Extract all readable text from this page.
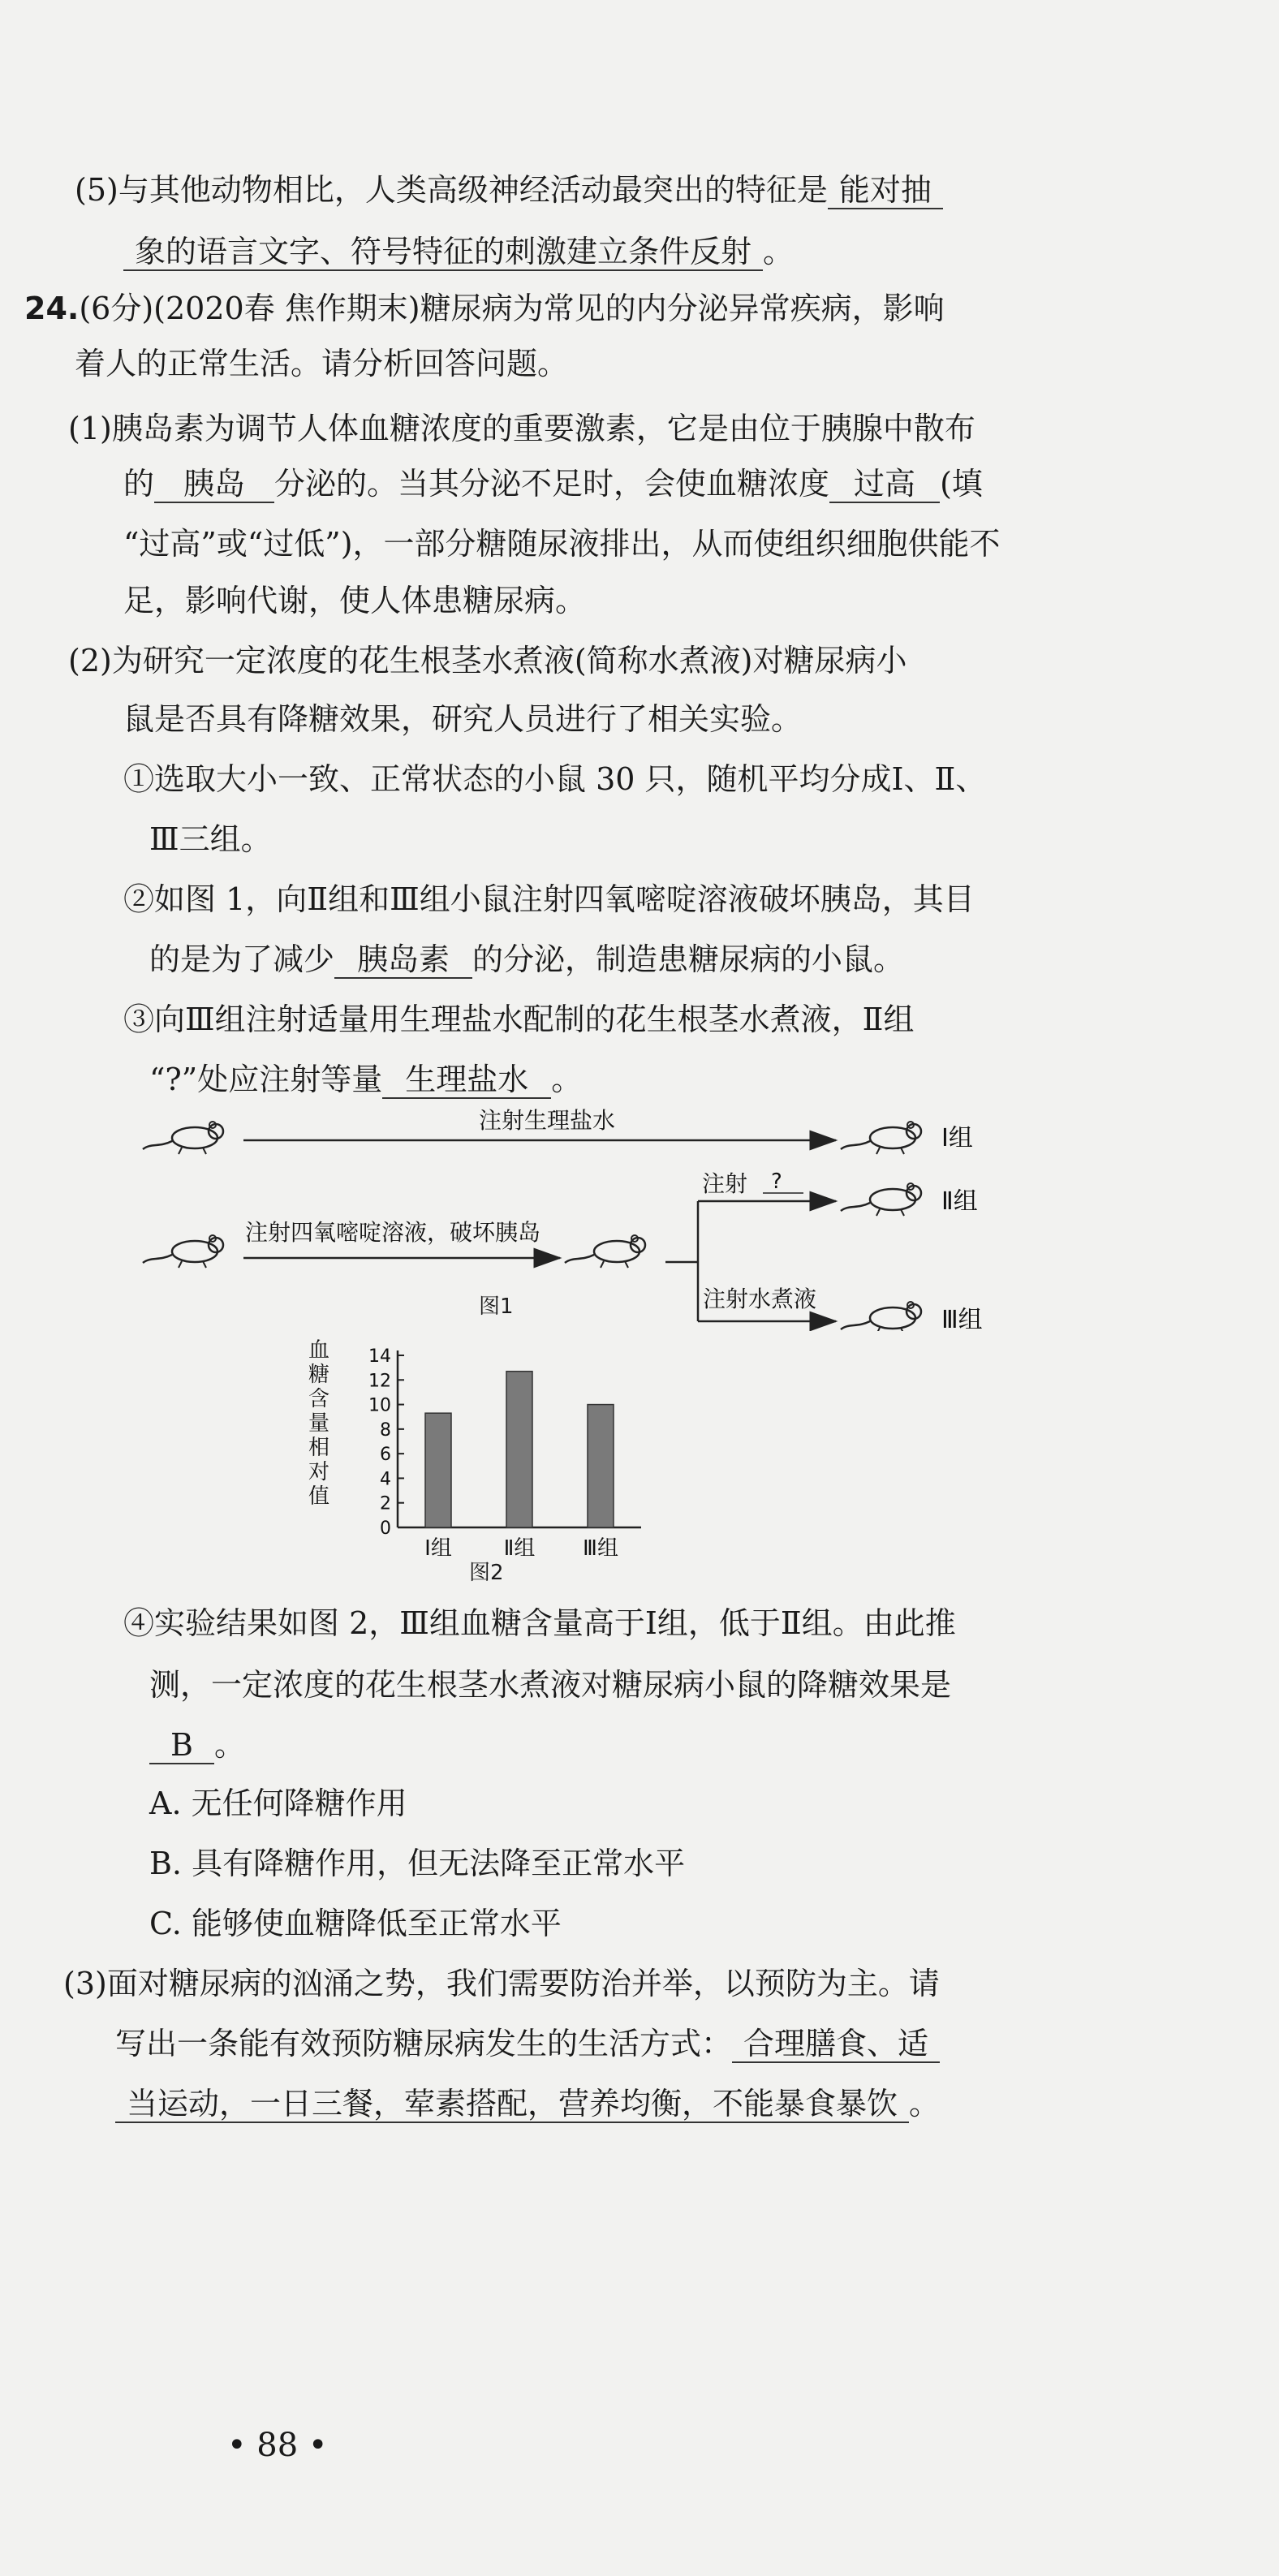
(5)与其他动物相比，人类高级神经活动最突出的特征是 能对抽
象的语言文字、符号特征的刺激建立条件反射 。
24.(6分)(2020春 焦作期末)糖尿病为常见的内分泌异常疾病，影响
着人的正常生活。请分析回答问题。
(1)胰岛素为调节人体血糖浓度的重要激素，它是由位于胰腺中散布
的 胰岛 分泌的。当其分泌不足时，会使血糖浓度 过高 (填
“过高”或“过低”)，一部分糖随尿液排出，从而使组织细胞供能不
足，影响代谢，使人体患糖尿病。
(2)为研究一定浓度的花生根茎水煮液(简称水煮液)对糖尿病小
鼠是否具有降糖效果，研究人员进行了相关实验。
①选取大小一致、正常状态的小鼠 30 只，随机平均分成Ⅰ、Ⅱ、
Ⅲ三组。
②如图 1，向Ⅱ组和Ⅲ组小鼠注射四氧嘧啶溶液破坏胰岛，其目
的是为了减少 胰岛素 的分泌，制造患糖尿病的小鼠。
③向Ⅲ组注射适量用生理盐水配制的花生根茎水煮液，Ⅱ组
“?”处应注射等量 生理盐水 。
注射生理盐水
Ⅰ组
注射四氧嘧啶溶液，破坏胰岛
注射 ?
注射水煮液
Ⅱ组
Ⅲ组
图1
血
糖
含
量
相
对
值
0
2
4
6
8
10
12
14
Ⅰ组 Ⅱ组 Ⅲ组
图2
④实验结果如图 2，Ⅲ组血糖含量高于Ⅰ组，低于Ⅱ组。由此推
测，一定浓度的花生根茎水煮液对糖尿病小鼠的降糖效果是
B 。
A. 无任何降糖作用
B. 具有降糖作用，但无法降至正常水平
C. 能够使血糖降低至正常水平
(3)面对糖尿病的汹涌之势，我们需要防治并举，以预防为主。请
写出一条能有效预防糖尿病发生的生活方式： 合理膳食、适
当运动，一日三餐，荤素搭配，营养均衡，不能暴食暴饮 。
• 88 •
